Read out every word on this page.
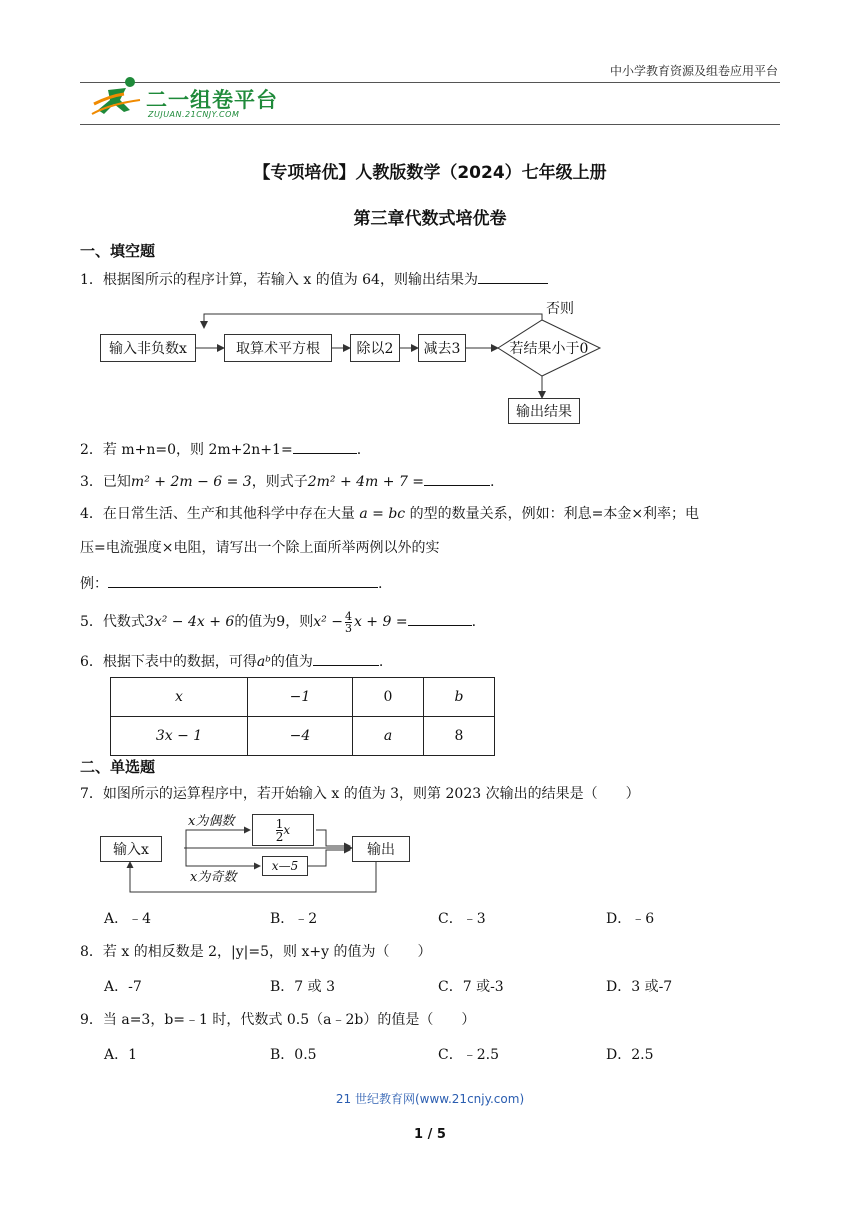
中小学教育资源及组卷应用平台
二一组卷平台
ZUJUAN.21CNJY.COM
【专项培优】人教版数学（2024）七年级上册
第三章代数式培优卷
一、填空题
1．根据图所示的程序计算，若输入 x 的值为 64，则输出结果为
输入非负数x	取算术平方根	除以2	减去3	若结果小于0
否则
输出结果
2．若 m+n=0，则 2m+2n+1=	.
3．已知m² + 2m − 6 = 3，则式子2m² + 4m + 7 =	.
4．在日常生活、生产和其他科学中存在大量 a = bc 的型的数量关系，例如：利息=本金×利率；电
压=电流强度×电阻，请写出一个除上面所举两例以外的实
例：	.
5．代数式3x² − 4x + 6的值为9，则$x^2 - \frac{4}{3}$ x + 9 =	.
6．根据下表中的数据，可得aᵇ的值为	.
x	−1	0	b
3x − 1	−4	a	8
二、单选题
7．如图所示的运算程序中，若开始输入 x 的值为 3，则第 2023 次输出的结果是（　　）
输入x
x为偶数
x为奇数
$\frac{1}{2}$ x
x—5
输出
A．﹣4	B．﹣2	C．﹣3	D．﹣6
8．若 x 的相反数是 2，|y|=5，则 x+y 的值为（　　）
A．-7	B．7 或 3	C．7 或-3	D．3 或-7
9．当 a=3，b=﹣1 时，代数式 0.5（a﹣2b）的值是（　　）
A．1	B．0.5	C．﹣2.5	D．2.5
21 世纪教育网(www.21cnjy.com)
1 / 5
